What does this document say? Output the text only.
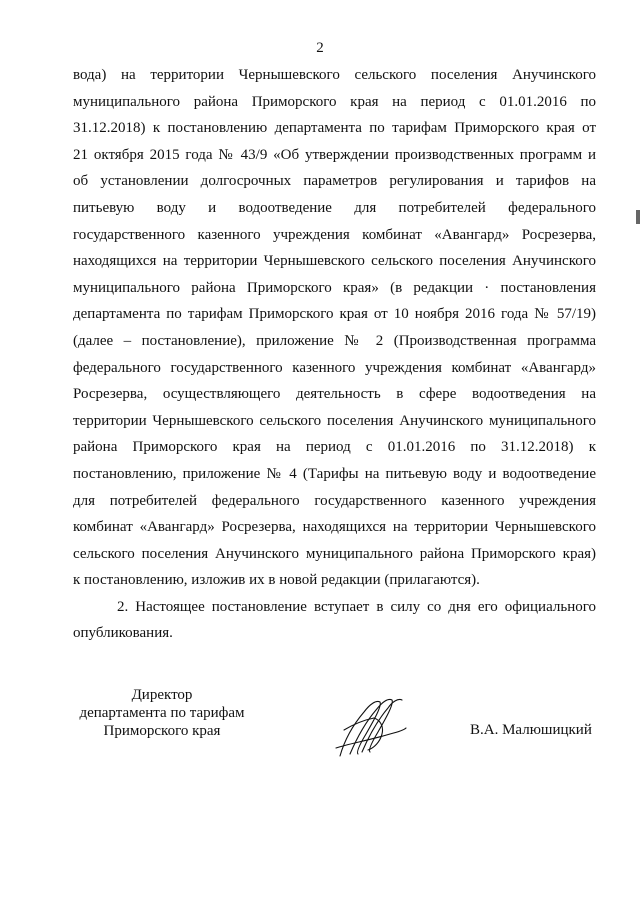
2
вода) на территории Чернышевского сельского поселения Анучинского
муниципального района Приморского края на период с 01.01.2016 по
31.12.2018) к постановлению департамента по тарифам Приморского края от
21 октября 2015 года № 43/9 «Об утверждении производственных программ и
об установлении долгосрочных параметров регулирования и тарифов на
питьевую воду и водоотведение для потребителей федерального
государственного казенного учреждения комбинат «Авангард» Росрезерва,
находящихся на территории Чернышевского сельского поселения Анучинского
муниципального района Приморского края» (в редакции · постановления
департамента по тарифам Приморского края от 10 ноября 2016 года № 57/19)
(далее – постановление), приложение № 2 (Производственная программа
федерального государственного казенного учреждения комбинат «Авангард»
Росрезерва, осуществляющего деятельность в сфере водоотведения на
территории Чернышевского сельского поселения Анучинского муниципального
района Приморского края на период с 01.01.2016 по 31.12.2018) к
постановлению, приложение № 4 (Тарифы на питьевую воду и водоотведение
для потребителей федерального государственного казенного учреждения
комбинат «Авангард» Росрезерва, находящихся на территории Чернышевского
сельского поселения Анучинского муниципального района Приморского края)
к постановлению, изложив их в новой редакции (прилагаются).
2. Настоящее постановление вступает в силу со дня его официального
опубликования.
Директор
департамента по тарифам
Приморского края	В.А. Малюшицкий
